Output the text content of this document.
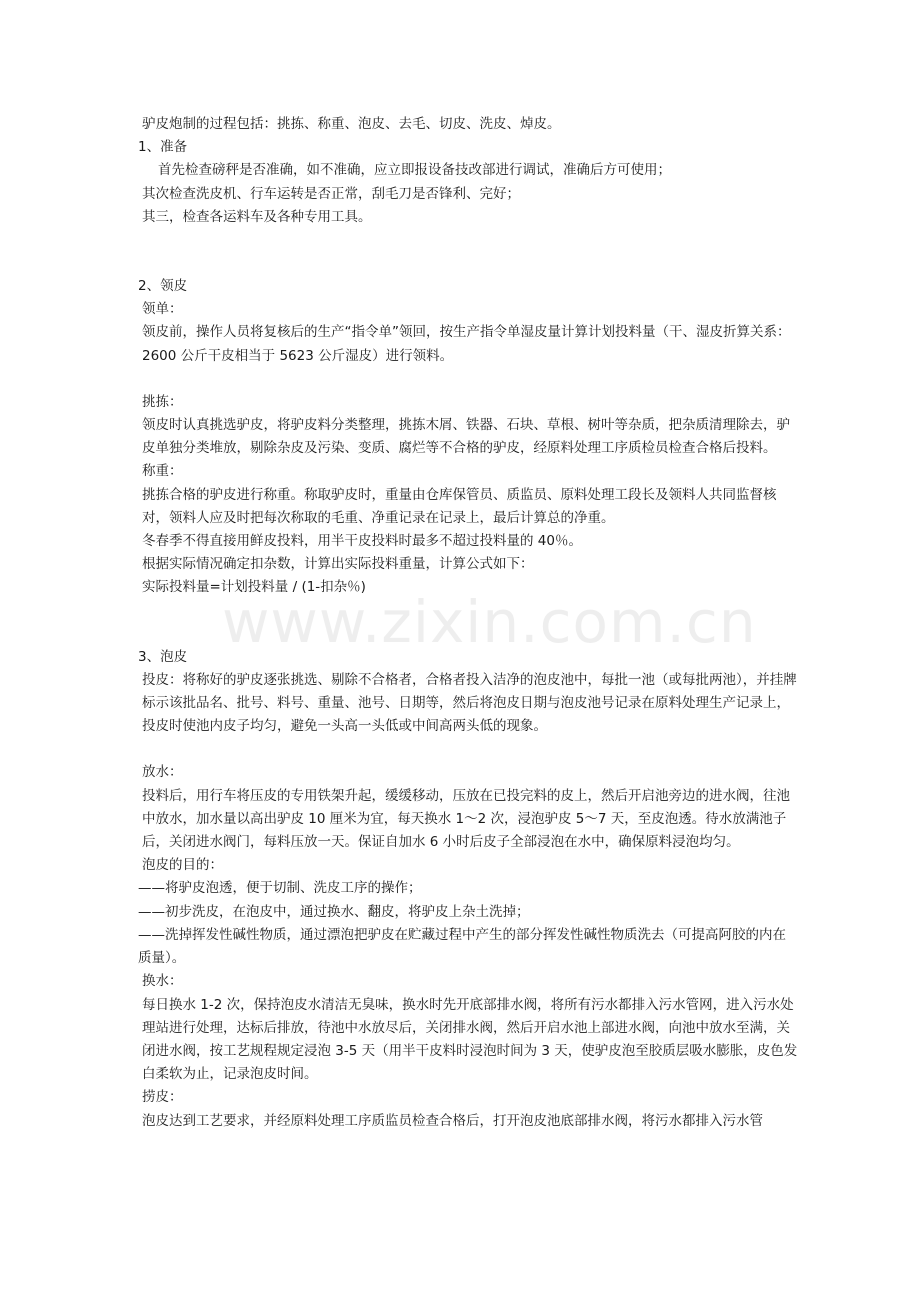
www.zixin.com.cn
驴皮炮制的过程包括：挑拣、称重、泡皮、去毛、切皮、洗皮、焯皮。
1、准备
首先检查磅秤是否准确，如不准确，应立即报设备技改部进行调试，准确后方可使用；
其次检查洗皮机、行车运转是否正常，刮毛刀是否锋利、完好；
其三，检查各运料车及各种专用工具。
2、领皮
领单：
领皮前，操作人员将复核后的生产“指令单”领回，按生产指令单湿皮量计算计划投料量（干、湿皮折算关系：2600 公斤干皮相当于 5623 公斤湿皮）进行领料。
挑拣：
领皮时认真挑选驴皮，将驴皮料分类整理，挑拣木屑、铁器、石块、草根、树叶等杂质，把杂质清理除去，驴皮单独分类堆放，剔除杂皮及污染、变质、腐烂等不合格的驴皮，经原料处理工序质检员检查合格后投料。
称重：
挑拣合格的驴皮进行称重。称取驴皮时，重量由仓库保管员、质监员、原料处理工段长及领料人共同监督核对，领料人应及时把每次称取的毛重、净重记录在记录上，最后计算总的净重。
冬春季不得直接用鲜皮投料，用半干皮投料时最多不超过投料量的 40％。
根据实际情况确定扣杂数，计算出实际投料重量，计算公式如下：
实际投料量=计划投料量 / (1-扣杂％)
3、泡皮
投皮：将称好的驴皮逐张挑选、剔除不合格者，合格者投入洁净的泡皮池中，每批一池（或每批两池），并挂牌标示该批品名、批号、料号、重量、池号、日期等，然后将泡皮日期与泡皮池号记录在原料处理生产记录上，投皮时使池内皮子均匀，避免一头高一头低或中间高两头低的现象。
放水：
投料后，用行车将压皮的专用铁架升起，缓缓移动，压放在已投完料的皮上，然后开启池旁边的进水阀，往池中放水，加水量以高出驴皮 10 厘米为宜，每天换水 1～2 次，浸泡驴皮 5～7 天，至皮泡透。待水放满池子后，关闭进水阀门，每料压放一天。保证自加水 6 小时后皮子全部浸泡在水中，确保原料浸泡均匀。
泡皮的目的：
——将驴皮泡透，便于切制、洗皮工序的操作；
——初步洗皮，在泡皮中，通过换水、翻皮，将驴皮上杂土洗掉；
——洗掉挥发性碱性物质，通过漂泡把驴皮在贮藏过程中产生的部分挥发性碱性物质洗去（可提高阿胶的内在质量）。
换水：
每日换水 1-2 次，保持泡皮水清洁无臭味，换水时先开底部排水阀，将所有污水都排入污水管网，进入污水处理站进行处理，达标后排放，待池中水放尽后，关闭排水阀，然后开启水池上部进水阀，向池中放水至满，关闭进水阀，按工艺规程规定浸泡 3-5 天（用半干皮料时浸泡时间为 3 天，使驴皮泡至胶质层吸水膨胀，皮色发白柔软为止，记录泡皮时间。
捞皮：
泡皮达到工艺要求，并经原料处理工序质监员检查合格后，打开泡皮池底部排水阀，将污水都排入污水管
